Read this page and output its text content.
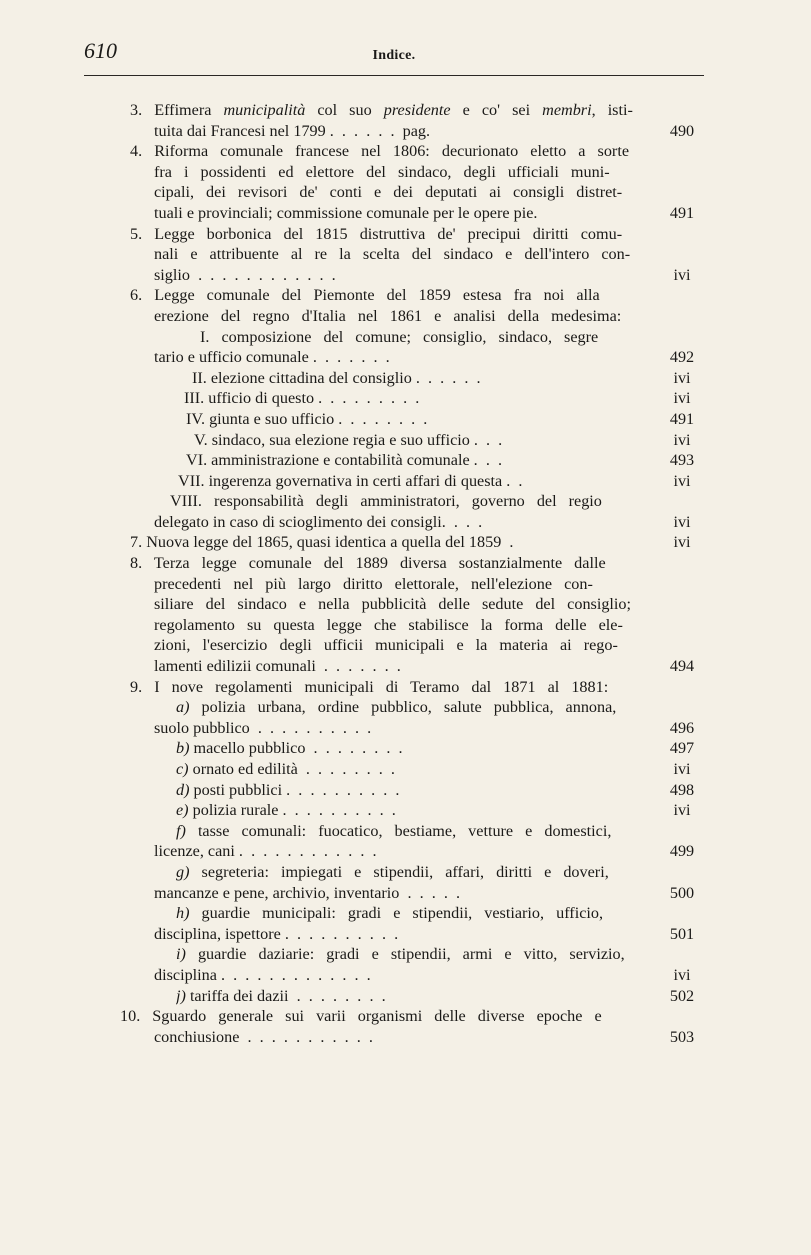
610	Indice.
3. Effimera municipalità col suo presidente e co' sei membri, isti-
tuita dai Francesi nel 1799 .  .  .  .  .  .  pag.	490
4. Riforma comunale francese nel 1806: decurionato eletto a sorte
fra i possidenti ed elettore del sindaco, degli ufficiali muni-
cipali, dei revisori de' conti e dei deputati ai consigli distret-
tuali e provinciali; commissione comunale per le opere pie.	491
5. Legge borbonica del 1815 distruttiva de' precipui diritti comu-
nali e attribuente al re la scelta del sindaco e dell'intero con-
siglio  .  .  .  .  .  .  .  .  .  .  .  .	ivi
6. Legge comunale del Piemonte del 1859 estesa fra noi alla
erezione del regno d'Italia nel 1861 e analisi della medesima:
I. composizione del comune; consiglio, sindaco, segre
tario e ufficio comunale .  .  .  .  .  .  .	492
II. elezione cittadina del consiglio .  .  .  .  .  .	ivi
III. ufficio di questo .  .  .  .  .  .  .  .  .	ivi
IV. giunta e suo ufficio .  .  .  .  .  .  .  .	491
V. sindaco, sua elezione regia e suo ufficio .  .  .	ivi
VI. amministrazione e contabilità comunale .  .  .	493
VII. ingerenza governativa in certi affari di questa .  .	ivi
VIII. responsabilità degli amministratori, governo del regio
delegato in caso di scioglimento dei consigli.  .  .  .	ivi
7. Nuova legge del 1865, quasi identica a quella del 1859  .	ivi
8. Terza legge comunale del 1889 diversa sostanzialmente dalle
precedenti nel più largo diritto elettorale, nell'elezione con-
siliare del sindaco e nella pubblicità delle sedute del consiglio;
regolamento su questa legge che stabilisce la forma delle ele-
zioni, l'esercizio degli ufficii municipali e la materia ai rego-
lamenti edilizii comunali  .  .  .  .  .  .  .	494
9. I nove regolamenti municipali di Teramo dal 1871 al 1881:
a) polizia urbana, ordine pubblico, salute pubblica, annona,
suolo pubblico  .  .  .  .  .  .  .  .  .  .	496
b) macello pubblico  .  .  .  .  .  .  .  .	497
c) ornato ed edilità  .  .  .  .  .  .  .  .	ivi
d) posti pubblici .  .  .  .  .  .  .  .  .  .	498
e) polizia rurale .  .  .  .  .  .  .  .  .  .	ivi
f) tasse comunali: fuocatico, bestiame, vetture e domestici,
licenze, cani .  .  .  .  .  .  .  .  .  .  .  .	499
g) segreteria: impiegati e stipendii, affari, diritti e doveri,
mancanze e pene, archivio, inventario  .  .  .  .  .	500
h) guardie municipali: gradi e stipendii, vestiario, ufficio,
disciplina, ispettore .  .  .  .  .  .  .  .  .  .	501
i) guardie daziarie: gradi e stipendii, armi e vitto, servizio,
disciplina .  .  .  .  .  .  .  .  .  .  .  .  .	ivi
j) tariffa dei dazii  .  .  .  .  .  .  .  .	502
10. Sguardo generale sui varii organismi delle diverse epoche e
conchiusione  .  .  .  .  .  .  .  .  .  .  .	503
